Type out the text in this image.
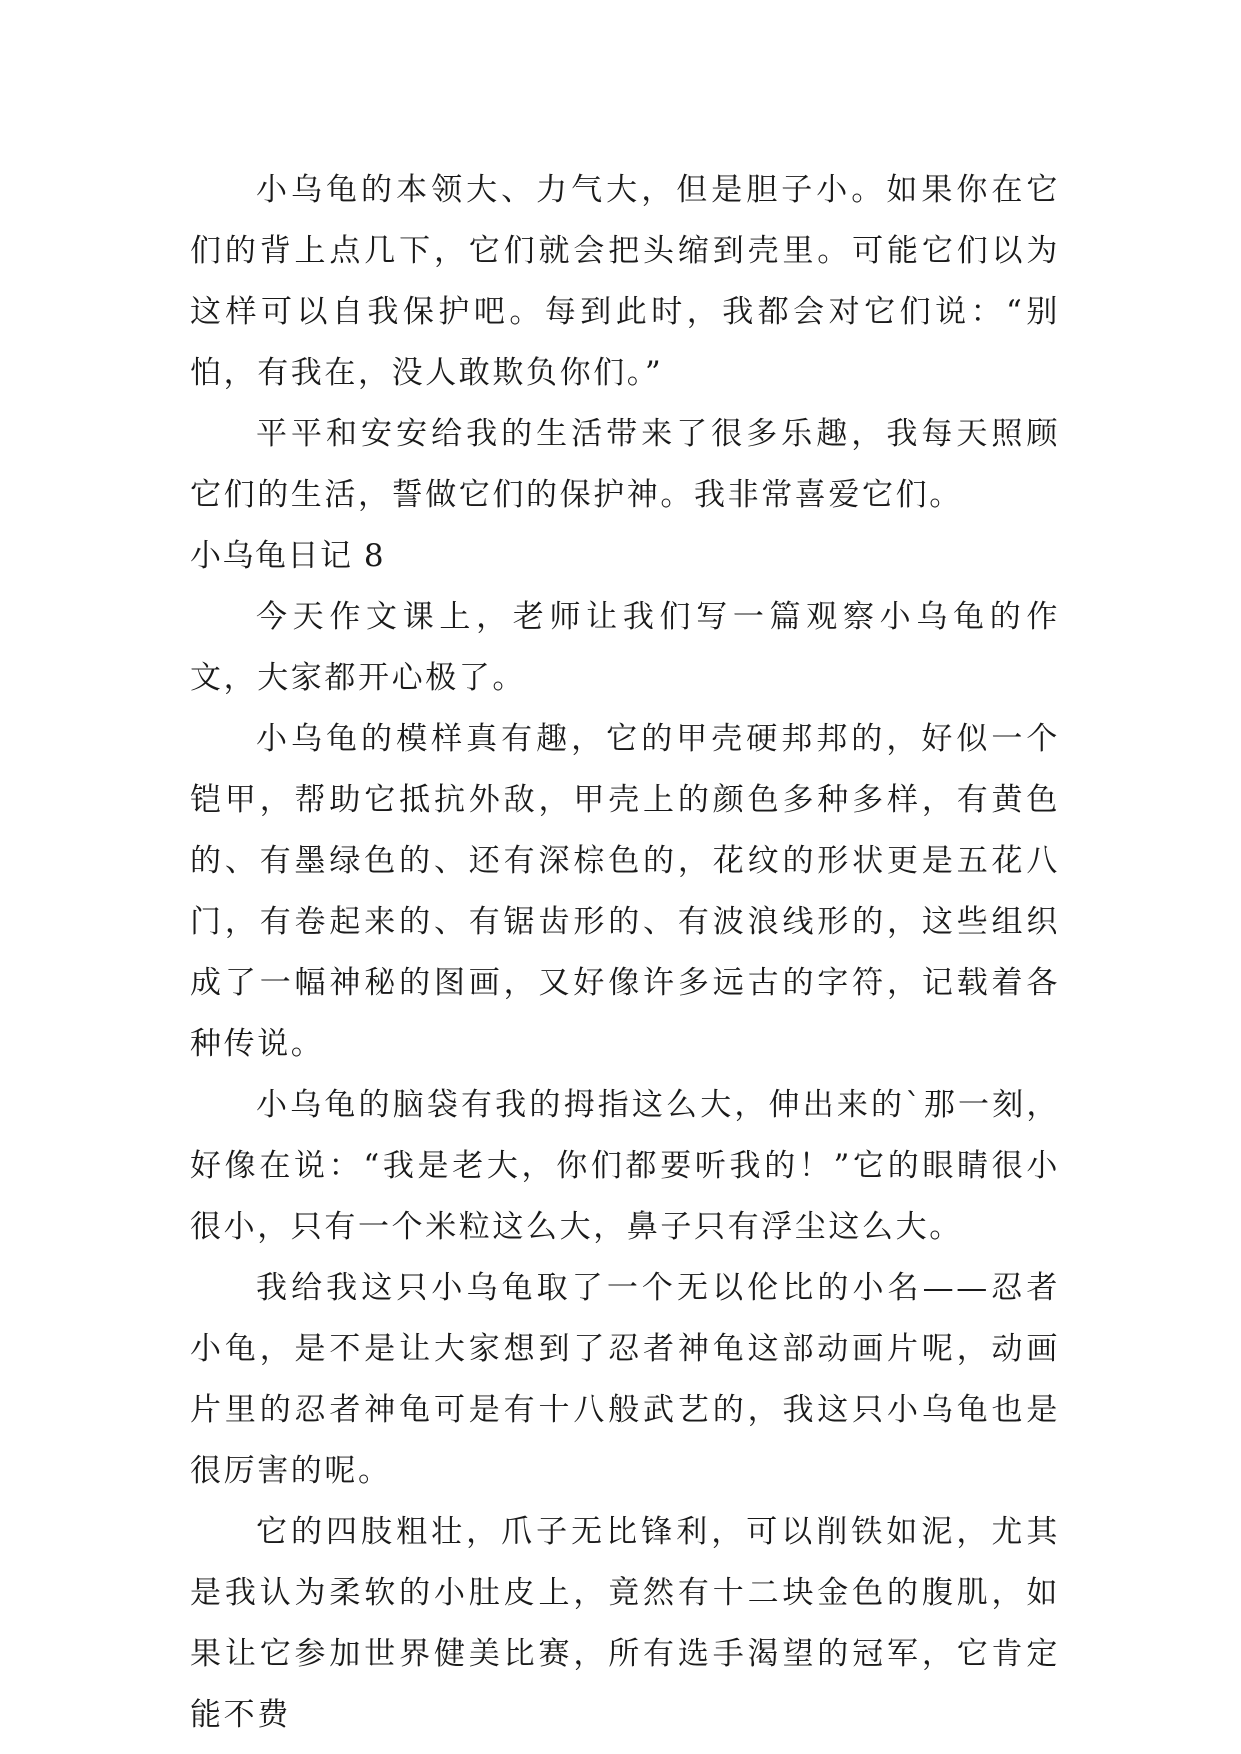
小乌龟的本领大、力气大，但是胆子小。如果你在它们的背上点几下，它们就会把头缩到壳里。可能它们以为这样可以自我保护吧。每到此时，我都会对它们说：“别怕，有我在，没人敢欺负你们。”

平平和安安给我的生活带来了很多乐趣，我每天照顾它们的生活，誓做它们的保护神。我非常喜爱它们。

小乌龟日记 8

今天作文课上，老师让我们写一篇观察小乌龟的作文，大家都开心极了。

小乌龟的模样真有趣，它的甲壳硬邦邦的，好似一个铠甲，帮助它抵抗外敌，甲壳上的颜色多种多样，有黄色的、有墨绿色的、还有深棕色的，花纹的形状更是五花八门，有卷起来的、有锯齿形的、有波浪线形的，这些组织成了一幅神秘的图画，又好像许多远古的字符，记载着各种传说。

小乌龟的脑袋有我的拇指这么大，伸出来的`那一刻，好像在说：“我是老大，你们都要听我的！”它的眼睛很小很小，只有一个米粒这么大，鼻子只有浮尘这么大。

我给我这只小乌龟取了一个无以伦比的小名——忍者小龟，是不是让大家想到了忍者神龟这部动画片呢，动画片里的忍者神龟可是有十八般武艺的，我这只小乌龟也是很厉害的呢。

它的四肢粗壮，爪子无比锋利，可以削铁如泥，尤其是我认为柔软的小肚皮上，竟然有十二块金色的腹肌，如果让它参加世界健美比赛，所有选手渴望的冠军，它肯定能不费
